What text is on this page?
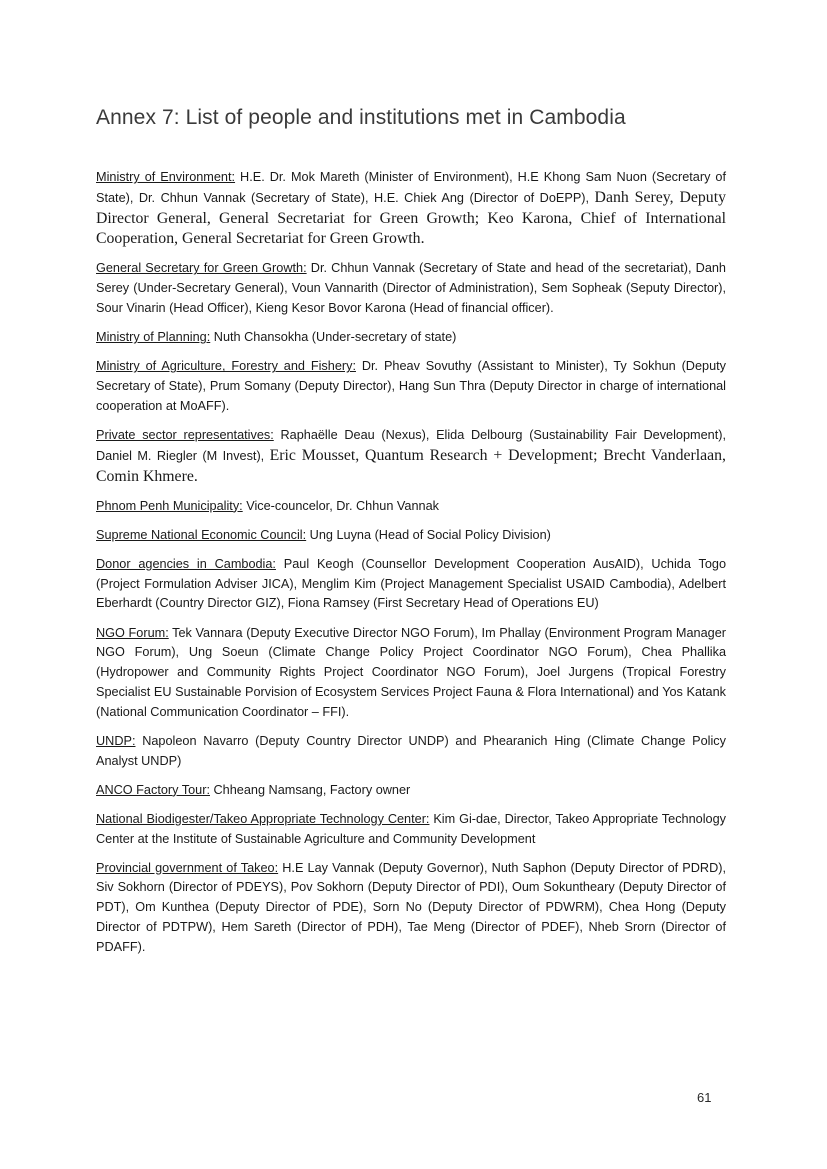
Annex 7: List of people and institutions met in Cambodia

Ministry of Environment: H.E. Dr. Mok Mareth (Minister of Environment), H.E Khong Sam Nuon (Secretary of State), Dr. Chhun Vannak (Secretary of State), H.E. Chiek Ang (Director of DoEPP), Danh Serey, Deputy Director General, General Secretariat for Green Growth; Keo Karona, Chief of International Cooperation, General Secretariat for Green Growth.

General Secretary for Green Growth: Dr. Chhun Vannak (Secretary of State and head of the secretariat), Danh Serey (Under-Secretary General), Voun Vannarith (Director of Administration), Sem Sopheak (Seputy Director), Sour Vinarin (Head Officer), Kieng Kesor Bovor Karona (Head of financial officer).

Ministry of Planning: Nuth Chansokha (Under-secretary of state)

Ministry of Agriculture, Forestry and Fishery: Dr. Pheav Sovuthy (Assistant to Minister), Ty Sokhun (Deputy Secretary of State), Prum Somany (Deputy Director), Hang Sun Thra (Deputy Director in charge of international cooperation at MoAFF).

Private sector representatives: Raphaëlle Deau (Nexus), Elida Delbourg (Sustainability Fair Development), Daniel M. Riegler (M Invest), Eric Mousset, Quantum Research + Development; Brecht Vanderlaan, Comin Khmere.

Phnom Penh Municipality: Vice-councelor, Dr. Chhun Vannak

Supreme National Economic Council: Ung Luyna (Head of Social Policy Division)

Donor agencies in Cambodia: Paul Keogh (Counsellor Development Cooperation AusAID), Uchida Togo (Project Formulation Adviser JICA), Menglim Kim (Project Management Specialist USAID Cambodia), Adelbert Eberhardt (Country Director GIZ), Fiona Ramsey (First Secretary Head of Operations EU)

NGO Forum: Tek Vannara (Deputy Executive Director NGO Forum), Im Phallay (Environment Program Manager NGO Forum), Ung Soeun (Climate Change Policy Project Coordinator NGO Forum), Chea Phallika (Hydropower and Community Rights Project Coordinator NGO Forum), Joel Jurgens (Tropical Forestry Specialist EU Sustainable Porvision of Ecosystem Services Project Fauna & Flora International) and Yos Katank (National Communication Coordinator – FFI).

UNDP: Napoleon Navarro (Deputy Country Director UNDP) and Phearanich Hing (Climate Change Policy Analyst UNDP)

ANCO Factory Tour: Chheang Namsang, Factory owner

National Biodigester/Takeo Appropriate Technology Center: Kim Gi-dae, Director, Takeo Appropriate Technology Center at the Institute of Sustainable Agriculture and Community Development

Provincial government of Takeo: H.E Lay Vannak (Deputy Governor), Nuth Saphon (Deputy Director of PDRD), Siv Sokhorn (Director of PDEYS), Pov Sokhorn (Deputy Director of PDI), Oum Sokuntheary (Deputy Director of PDT), Om Kunthea (Deputy Director of PDE), Sorn No (Deputy Director of PDWRM), Chea Hong (Deputy Director of PDTPW), Hem Sareth (Director of PDH), Tae Meng (Director of PDEF), Nheb Srorn (Director of PDAFF).

61
